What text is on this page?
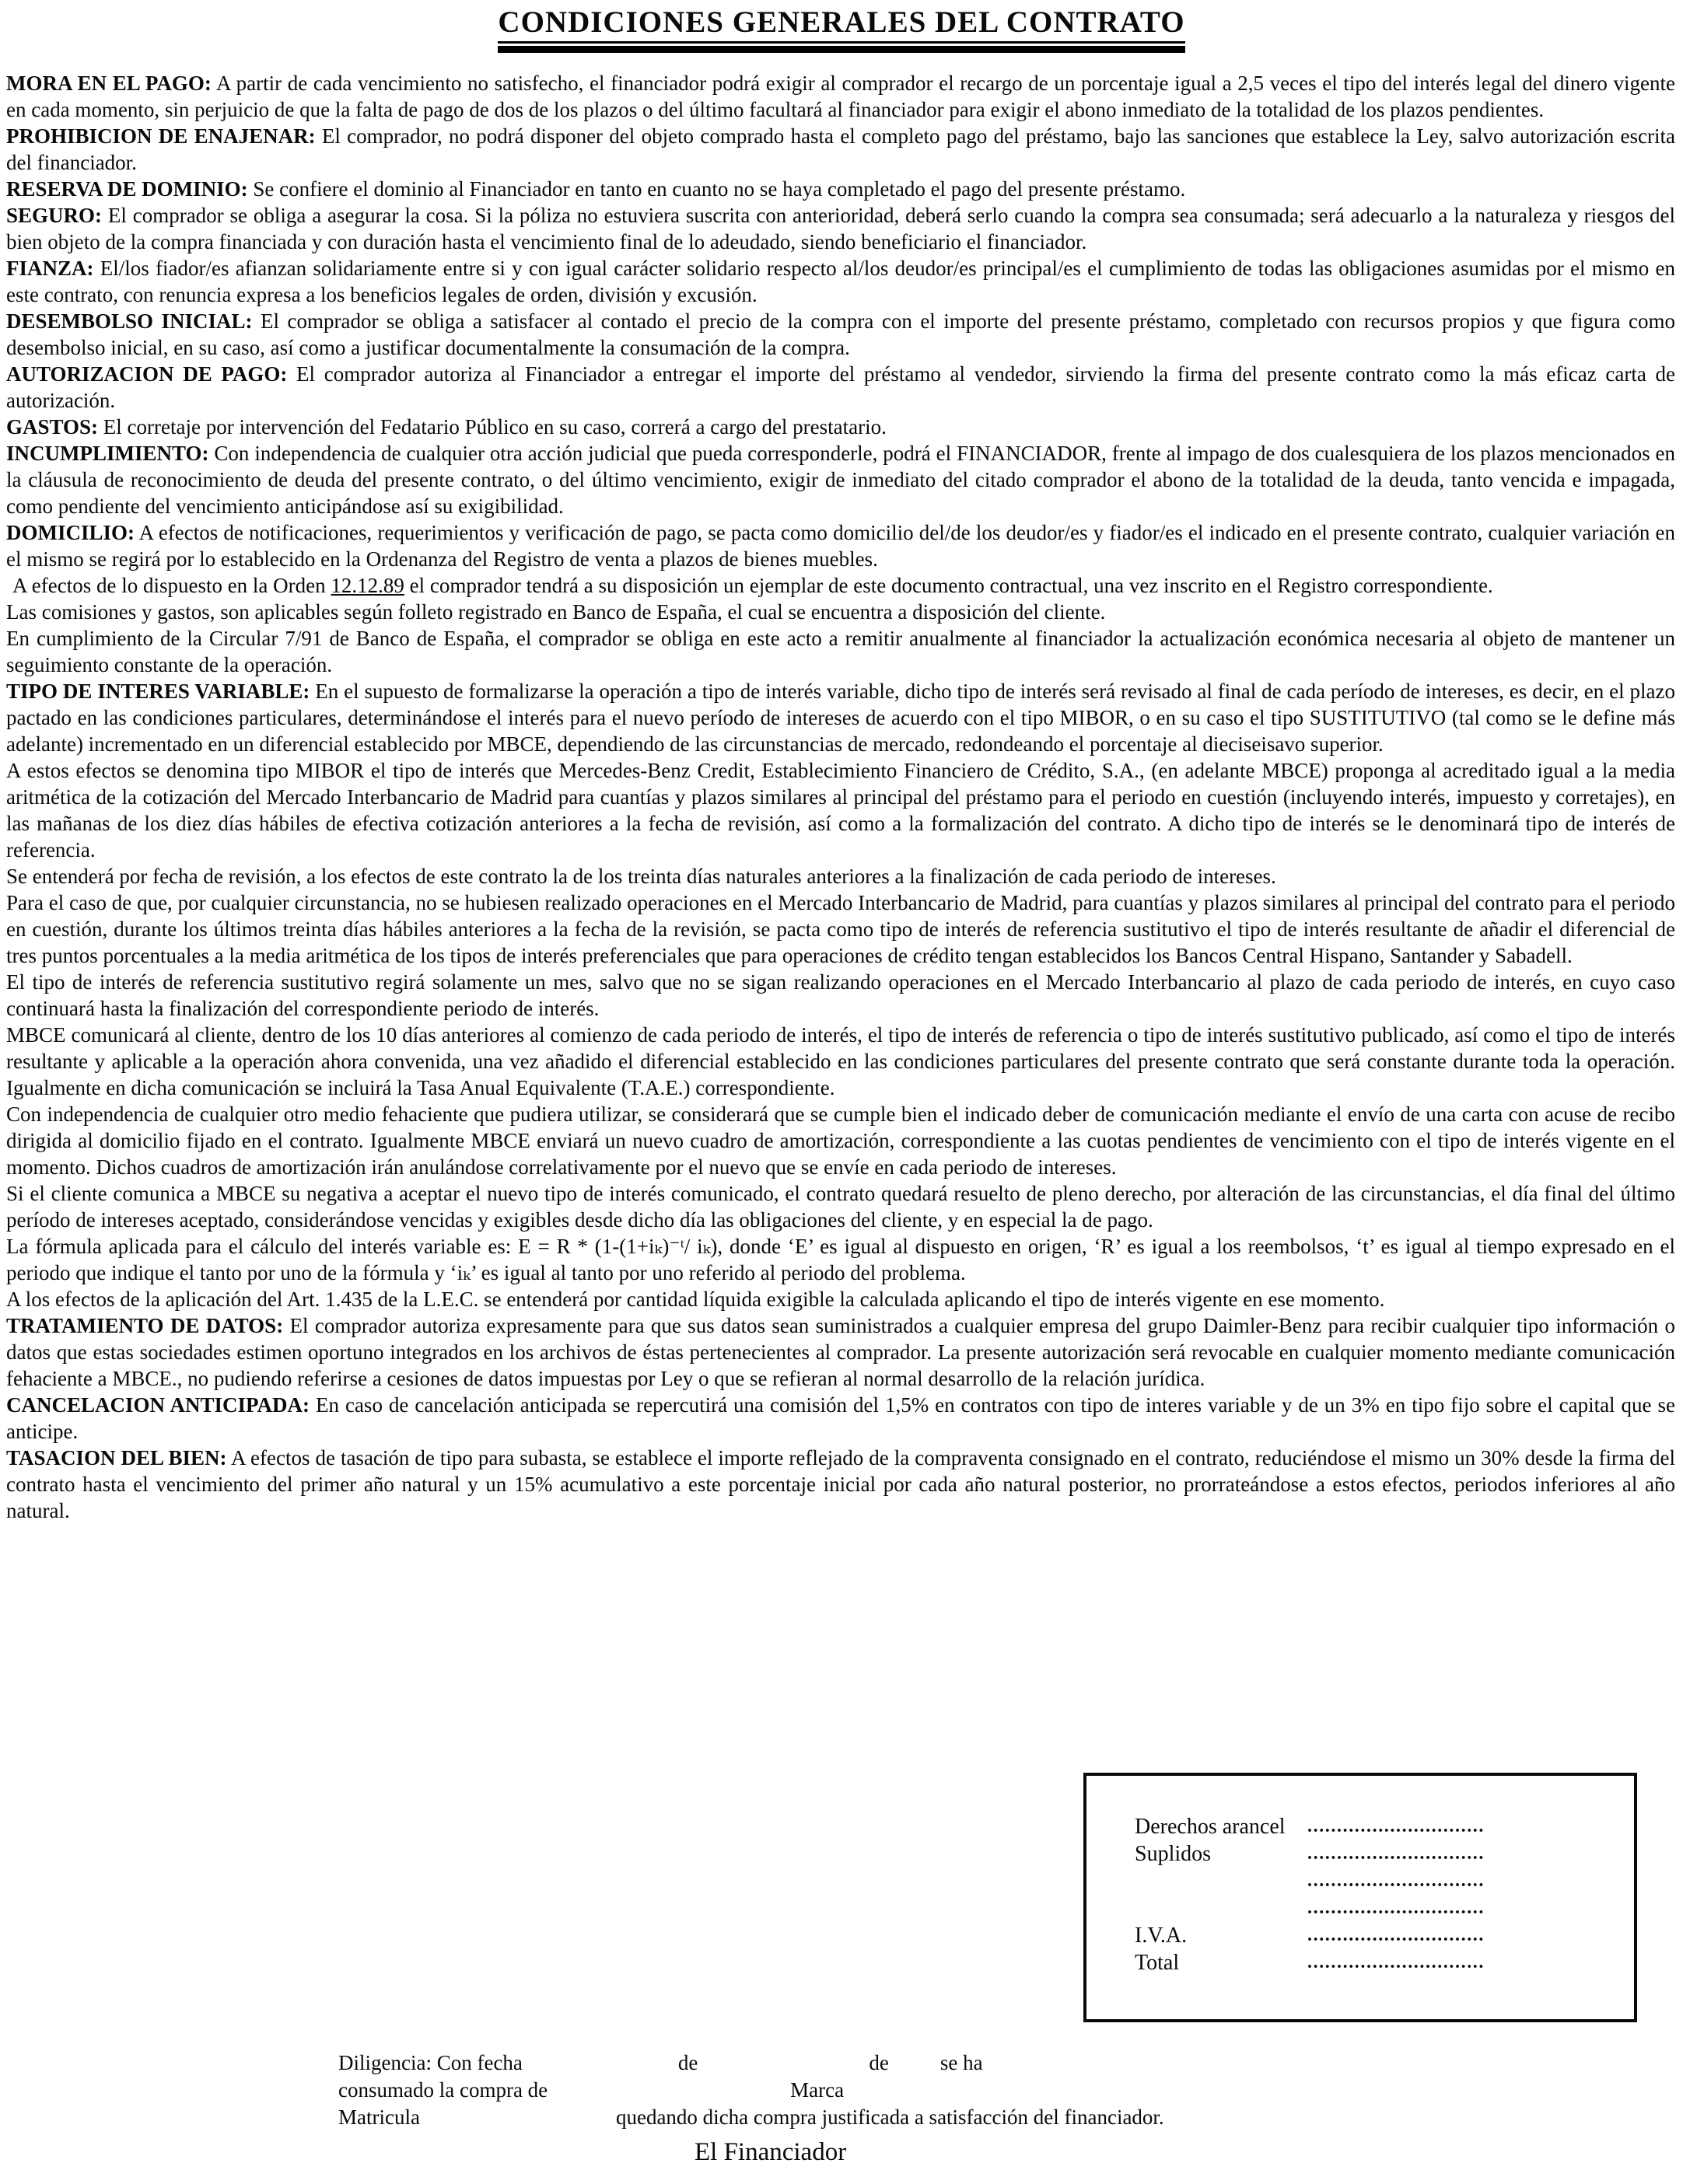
CONDICIONES GENERALES DEL CONTRATO

MORA EN EL PAGO: A partir de cada vencimiento no satisfecho, el financiador podrá exigir al comprador el recargo de un porcentaje igual a 2,5 veces el tipo del interés legal del dinero vigente en cada momento, sin perjuicio de que la falta de pago de dos de los plazos o del último facultará al financiador para exigir el abono inmediato de la totalidad de los plazos pendientes.

PROHIBICION DE ENAJENAR: El comprador, no podrá disponer del objeto comprado hasta el completo pago del préstamo, bajo las sanciones que establece la Ley, salvo autorización escrita del financiador.

RESERVA DE DOMINIO: Se confiere el dominio al Financiador en tanto en cuanto no se haya completado el pago del presente préstamo.

SEGURO: El comprador se obliga a asegurar la cosa. Si la póliza no estuviera suscrita con anterioridad, deberá serlo cuando la compra sea consumada; será adecuarlo a la naturaleza y riesgos del bien objeto de la compra financiada y con duración hasta el vencimiento final de lo adeudado, siendo beneficiario el financiador.

FIANZA: El/los fiador/es afianzan solidariamente entre si y con igual carácter solidario respecto al/los deudor/es principal/es el cumplimiento de todas las obligaciones asumidas por el mismo en este contrato, con renuncia expresa a los beneficios legales de orden, división y excusión.

DESEMBOLSO INICIAL: El comprador se obliga a satisfacer al contado el precio de la compra con el importe del presente préstamo, completado con recursos propios y que figura como desembolso inicial, en su caso, así como a justificar documentalmente la consumación de la compra.

AUTORIZACION DE PAGO: El comprador autoriza al Financiador a entregar el importe del préstamo al vendedor, sirviendo la firma del presente contrato como la más eficaz carta de autorización.

GASTOS: El corretaje por intervención del Fedatario Público en su caso, correrá a cargo del prestatario.

INCUMPLIMIENTO: Con independencia de cualquier otra acción judicial que pueda corresponderle, podrá el FINANCIADOR, frente al impago de dos cualesquiera de los plazos mencionados en la cláusula de reconocimiento de deuda del presente contrato, o del último vencimiento, exigir de inmediato del citado comprador el abono de la totalidad de la deuda, tanto vencida e impagada, como pendiente del vencimiento anticipándose así su exigibilidad.

DOMICILIO: A efectos de notificaciones, requerimientos y verificación de pago, se pacta como domicilio del/de los deudor/es y fiador/es el indicado en el presente contrato, cualquier variación en el mismo se regirá por lo establecido en la Ordenanza del Registro de venta a plazos de bienes muebles.

A efectos de lo dispuesto en la Orden 12.12.89 el comprador tendrá a su disposición un ejemplar de este documento contractual, una vez inscrito en el Registro correspondiente.

Las comisiones y gastos, son aplicables según folleto registrado en Banco de España, el cual se encuentra a disposición del cliente.

En cumplimiento de la Circular 7/91 de Banco de España, el comprador se obliga en este acto a remitir anualmente al financiador la actualización económica necesaria al objeto de mantener un seguimiento constante de la operación.

TIPO DE INTERES VARIABLE: En el supuesto de formalizarse la operación a tipo de interés variable, dicho tipo de interés será revisado al final de cada período de intereses, es decir, en el plazo pactado en las condiciones particulares, determinándose el interés para el nuevo período de intereses de acuerdo con el tipo MIBOR, o en su caso el tipo SUSTITUTIVO (tal como se le define más adelante) incrementado en un diferencial establecido por MBCE, dependiendo de las circunstancias de mercado, redondeando el porcentaje al dieciseisavo superior.

A estos efectos se denomina tipo MIBOR el tipo de interés que Mercedes-Benz Credit, Establecimiento Financiero de Crédito, S.A., (en adelante MBCE) proponga al acreditado igual a la media aritmética de la cotización del Mercado Interbancario de Madrid para cuantías y plazos similares al principal del préstamo para el periodo en cuestión (incluyendo interés, impuesto y corretajes), en las mañanas de los diez días hábiles de efectiva cotización anteriores a la fecha de revisión, así como a la formalización del contrato. A dicho tipo de interés se le denominará tipo de interés de referencia.

Se entenderá por fecha de revisión, a los efectos de este contrato la de los treinta días naturales anteriores a la finalización de cada periodo de intereses.

Para el caso de que, por cualquier circunstancia, no se hubiesen realizado operaciones en el Mercado Interbancario de Madrid, para cuantías y plazos similares al principal del contrato para el periodo en cuestión, durante los últimos treinta días hábiles anteriores a la fecha de la revisión, se pacta como tipo de interés de referencia sustitutivo el tipo de interés resultante de añadir el diferencial de tres puntos porcentuales a la media aritmética de los tipos de interés preferenciales que para operaciones de crédito tengan establecidos los Bancos Central Hispano, Santander y Sabadell.

El tipo de interés de referencia sustitutivo regirá solamente un mes, salvo que no se sigan realizando operaciones en el Mercado Interbancario al plazo de cada periodo de interés, en cuyo caso continuará hasta la finalización del correspondiente periodo de interés.

MBCE comunicará al cliente, dentro de los 10 días anteriores al comienzo de cada periodo de interés, el tipo de interés de referencia o tipo de interés sustitutivo publicado, así como el tipo de interés resultante y aplicable a la operación ahora convenida, una vez añadido el diferencial establecido en las condiciones particulares del presente contrato que será constante durante toda la operación. Igualmente en dicha comunicación se incluirá la Tasa Anual Equivalente (T.A.E.) correspondiente.

Con independencia de cualquier otro medio fehaciente que pudiera utilizar, se considerará que se cumple bien el indicado deber de comunicación mediante el envío de una carta con acuse de recibo dirigida al domicilio fijado en el contrato. Igualmente MBCE enviará un nuevo cuadro de amortización, correspondiente a las cuotas pendientes de vencimiento con el tipo de interés vigente en el momento. Dichos cuadros de amortización irán anulándose correlativamente por el nuevo que se envíe en cada periodo de intereses.

Si el cliente comunica a MBCE su negativa a aceptar el nuevo tipo de interés comunicado, el contrato quedará resuelto de pleno derecho, por alteración de las circunstancias, el día final del último período de intereses aceptado, considerándose vencidas y exigibles desde dicho día las obligaciones del cliente, y en especial la de pago.

La fórmula aplicada para el cálculo del interés variable es: E = R * (1-(1+iₖ)⁻ᵗ/ iₖ), donde ‘E’ es igual al dispuesto en origen, ‘R’ es igual a los reembolsos, ‘t’ es igual al tiempo expresado en el periodo que indique el tanto por uno de la fórmula y ‘iₖ’ es igual al tanto por uno referido al periodo del problema.

A los efectos de la aplicación del Art. 1.435 de la L.E.C. se entenderá por cantidad líquida exigible la calculada aplicando el tipo de interés vigente en ese momento.

TRATAMIENTO DE DATOS: El comprador autoriza expresamente para que sus datos sean suministrados a cualquier empresa del grupo Daimler-Benz para recibir cualquier tipo información o datos que estas sociedades estimen oportuno integrados en los archivos de éstas pertenecientes al comprador. La presente autorización será revocable en cualquier momento mediante comunicación fehaciente a MBCE., no pudiendo referirse a cesiones de datos impuestas por Ley o que se refieran al normal desarrollo de la relación jurídica.

CANCELACION ANTICIPADA: En caso de cancelación anticipada se repercutirá una comisión del 1,5% en contratos con tipo de interes variable y de un 3% en tipo fijo sobre el capital que se anticipe.

TASACION DEL BIEN: A efectos de tasación de tipo para subasta, se establece el importe reflejado de la compraventa consignado en el contrato, reduciéndose el mismo un 30% desde la firma del contrato hasta el vencimiento del primer año natural y un 15% acumulativo a este porcentaje inicial por cada año natural posterior, no prorrateándose a estos efectos, periodos inferiores al año natural.

Derechos arancel	..............................
Suplidos	..............................
..............................
..............................
I.V.A.	..............................
Total	..............................
Diligencia: Con fecha	de	de se ha
consumado la compra de	Marca
Matricula	quedando dicha compra justificada a satisfacción del financiador.
El Financiador
